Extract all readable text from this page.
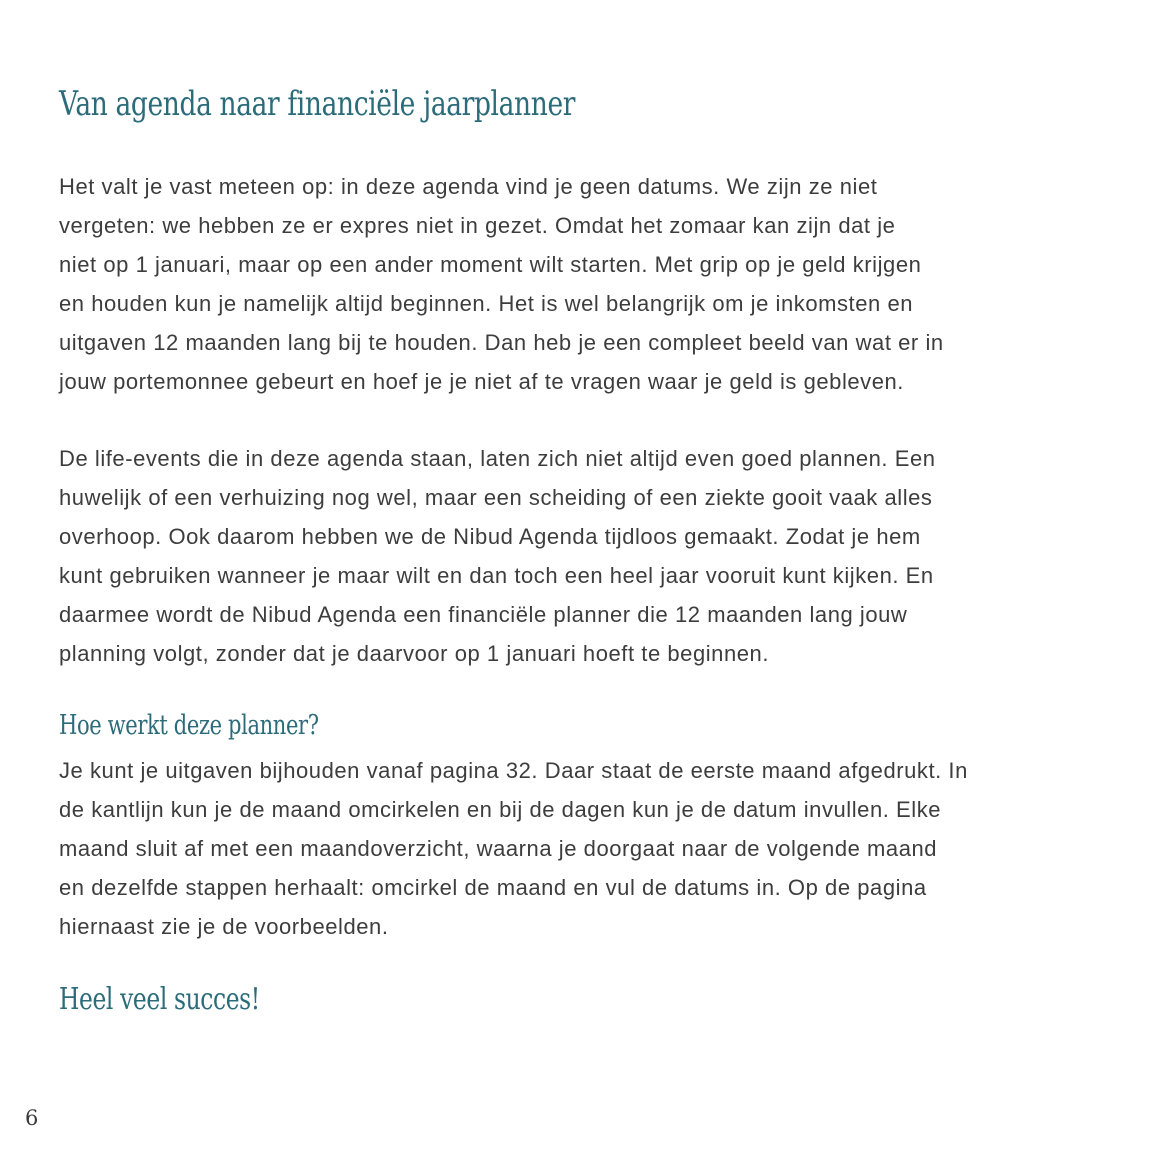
Van agenda naar financiële jaarplanner

Het valt je vast meteen op: in deze agenda vind je geen datums. We zijn ze niet
vergeten: we hebben ze er expres niet in gezet. Omdat het zomaar kan zijn dat je
niet op 1 januari, maar op een ander moment wilt starten. Met grip op je geld krijgen
en houden kun je namelijk altijd beginnen. Het is wel belangrijk om je inkomsten en
uitgaven 12 maanden lang bij te houden. Dan heb je een compleet beeld van wat er in
jouw portemonnee gebeurt en hoef je je niet af te vragen waar je geld is gebleven.

De life-events die in deze agenda staan, laten zich niet altijd even goed plannen. Een
huwelijk of een verhuizing nog wel, maar een scheiding of een ziekte gooit vaak alles
overhoop. Ook daarom hebben we de Nibud Agenda tijdloos gemaakt. Zodat je hem
kunt gebruiken wanneer je maar wilt en dan toch een heel jaar vooruit kunt kijken. En
daarmee wordt de Nibud Agenda een financiële planner die 12 maanden lang jouw
planning volgt, zonder dat je daarvoor op 1 januari hoeft te beginnen.

Hoe werkt deze planner?

Je kunt je uitgaven bijhouden vanaf pagina 32. Daar staat de eerste maand afgedrukt. In
de kantlijn kun je de maand omcirkelen en bij de dagen kun je de datum invullen. Elke
maand sluit af met een maandoverzicht, waarna je doorgaat naar de volgende maand
en dezelfde stappen herhaalt: omcirkel de maand en vul de datums in. Op de pagina
hiernaast zie je de voorbeelden.

Heel veel succes!
6
